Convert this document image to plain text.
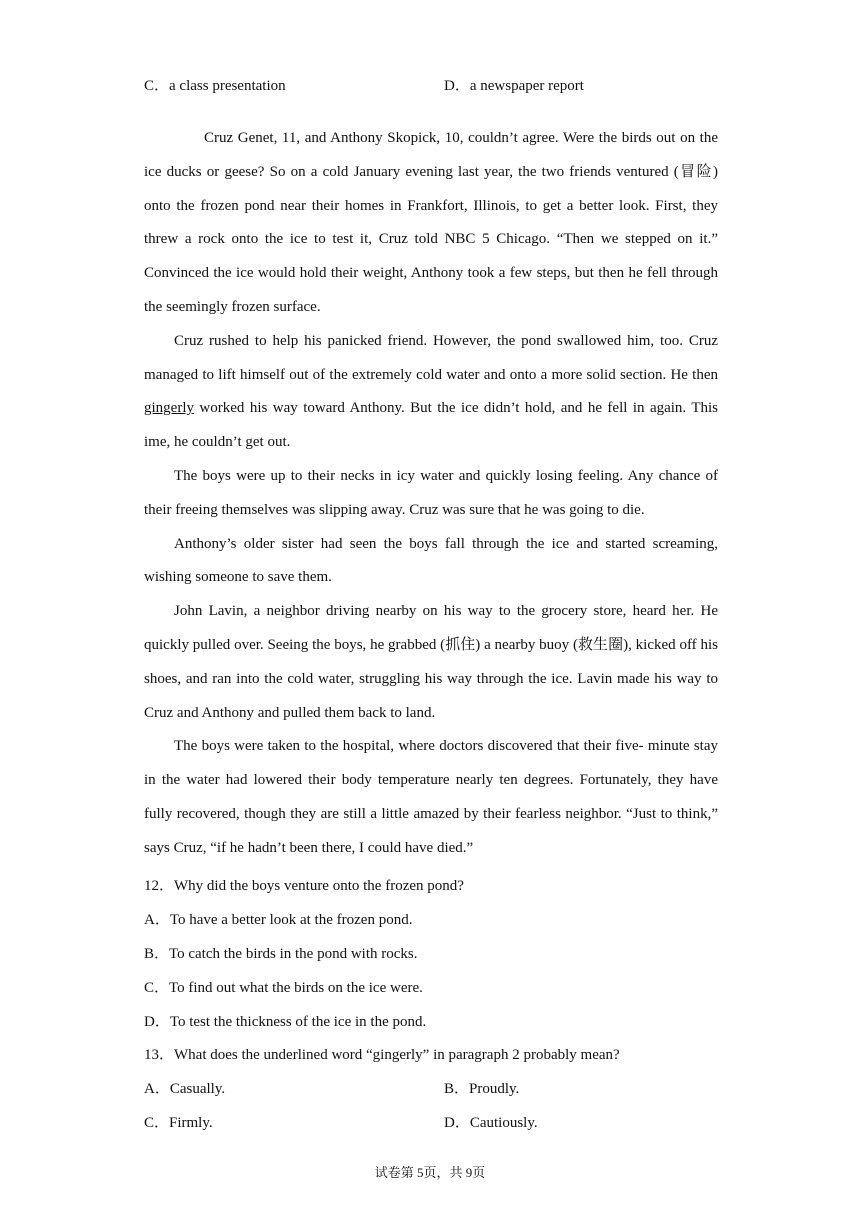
C．a class presentation	D．a newspaper report

Cruz Genet, 11, and Anthony Skopick, 10, couldn’t agree. Were the birds out on the ice ducks or geese? So on a cold January evening last year, the two friends ventured (冒险) onto the frozen pond near their homes in Frankfort, Illinois, to get a better look. First, they threw a rock onto the ice to test it, Cruz told NBC 5 Chicago. “Then we stepped on it.” Convinced the ice would hold their weight, Anthony took a few steps, but then he fell through the seemingly frozen surface.

Cruz rushed to help his panicked friend. However, the pond swallowed him, too. Cruz managed to lift himself out of the extremely cold water and onto a more solid section. He then gingerly worked his way toward Anthony. But the ice didn’t hold, and he fell in again. This ime, he couldn’t get out.

The boys were up to their necks in icy water and quickly losing feeling. Any chance of their freeing themselves was slipping away. Cruz was sure that he was going to die.

Anthony’s older sister had seen the boys fall through the ice and started screaming, wishing someone to save them.

John Lavin, a neighbor driving nearby on his way to the grocery store, heard her. He quickly pulled over. Seeing the boys, he grabbed (抓住) a nearby buoy (救生圈), kicked off his shoes, and ran into the cold water, struggling his way through the ice. Lavin made his way to Cruz and Anthony and pulled them back to land.

The boys were taken to the hospital, where doctors discovered that their five- minute stay in the water had lowered their body temperature nearly ten degrees. Fortunately, they have fully recovered, though they are still a little amazed by their fearless neighbor. “Just to think,” says Cruz, “if he hadn’t been there, I could have died.”

12．Why did the boys venture onto the frozen pond?
A．To have a better look at the frozen pond.
B．To catch the birds in the pond with rocks.
C．To find out what the birds on the ice were.
D．To test the thickness of the ice in the pond.
13．What does the underlined word “gingerly” in paragraph 2 probably mean?
A．Casually.	B．Proudly.
C．Firmly.	D．Cautiously.
试卷第 5页，共 9页
